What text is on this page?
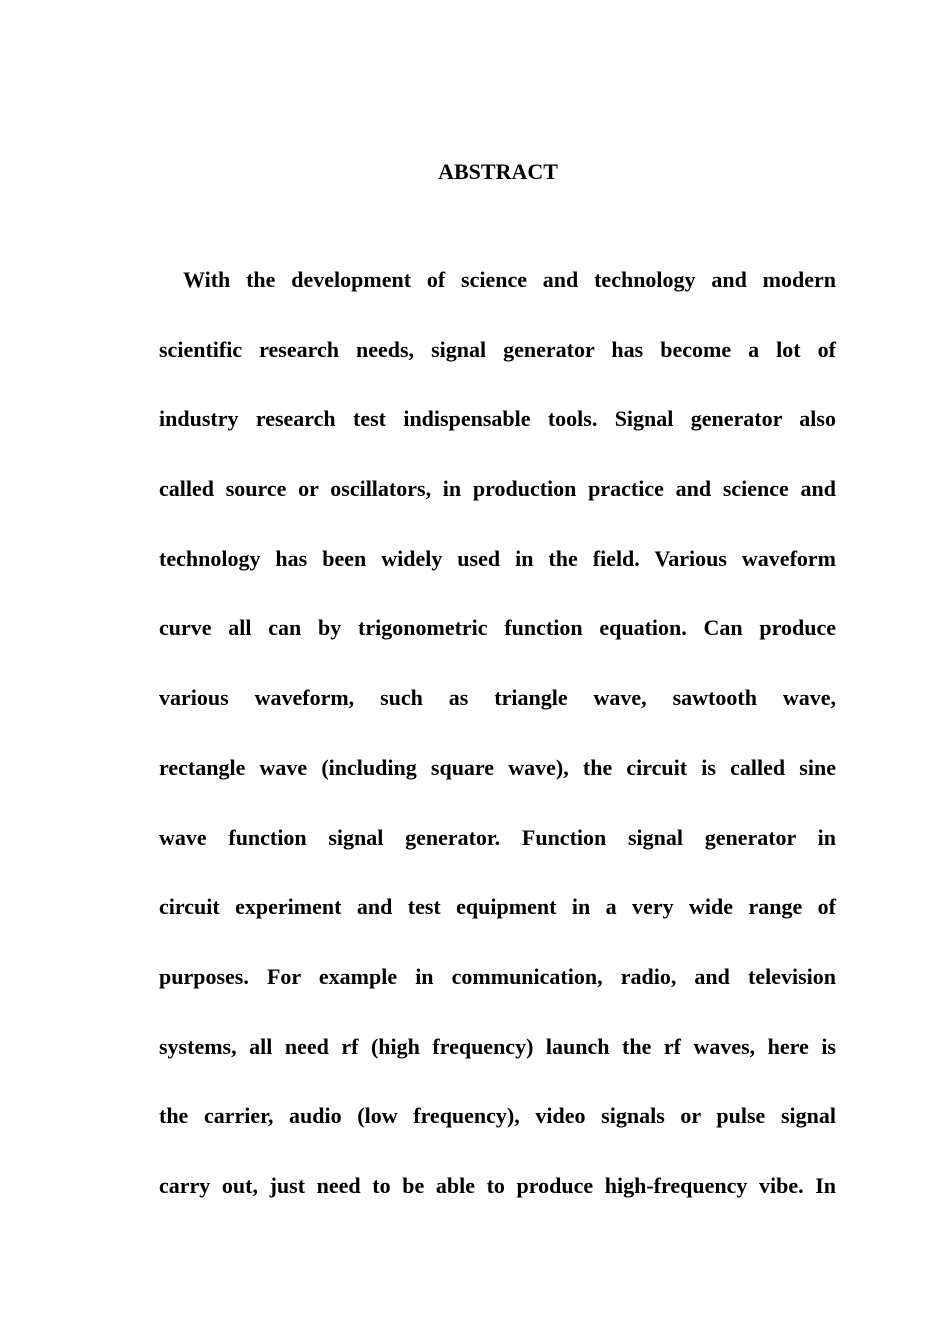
ABSTRACT
With the development of science and technology and modern
scientific research needs, signal generator has become a lot of
industry research test indispensable tools. Signal generator also
called source or oscillators, in production practice and science and
technology has been widely used in the field. Various waveform
curve all can by trigonometric function equation. Can produce
various waveform, such as triangle wave, sawtooth wave,
rectangle wave (including square wave), the circuit is called sine
wave function signal generator. Function signal generator in
circuit experiment and test equipment in a very wide range of
purposes. For example in communication, radio, and television
systems, all need rf (high frequency) launch the rf waves, here is
the carrier, audio (low frequency), video signals or pulse signal
carry out, just need to be able to produce high-frequency vibe. In
